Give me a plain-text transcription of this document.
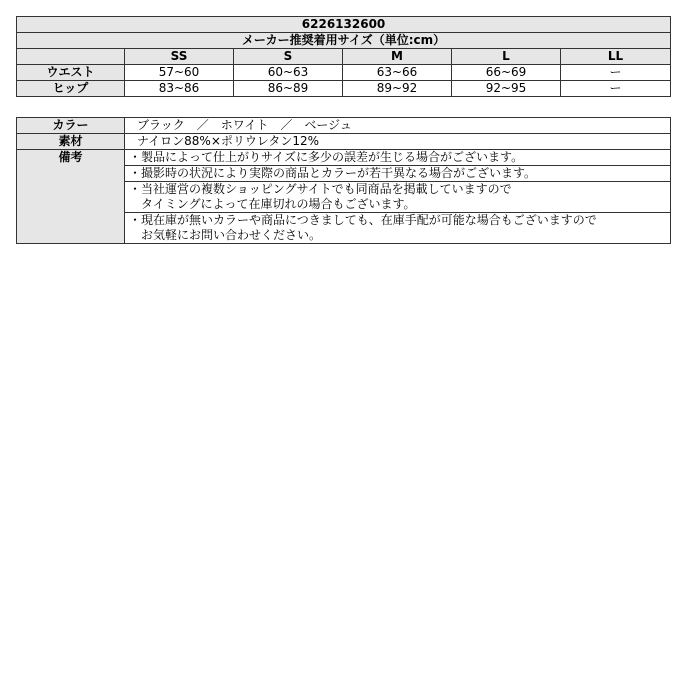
6226132600					
メーカー推奨着用サイズ（単位:cm）					
	SS	S	M	L	LL
ウエスト	57~60	60~63	63~66	66~69	ー
ヒップ	83~86	86~89	89~92	92~95	ー
カラー	ブラック　／　ホワイト　／　ベージュ
素材	ナイロン88%×ポリウレタン12%
備考	・製品によって仕上がりサイズに多少の誤差が生じる場合がございます。

	・撮影時の状況により実際の商品とカラーが若干異なる場合がございます。

	・当社運営の複数ショッピングサイトでも同商品を掲載していますので
　タイミングによって在庫切れの場合もございます。

	・現在庫が無いカラーや商品につきましても、在庫手配が可能な場合もございますので
　お気軽にお問い合わせください。
